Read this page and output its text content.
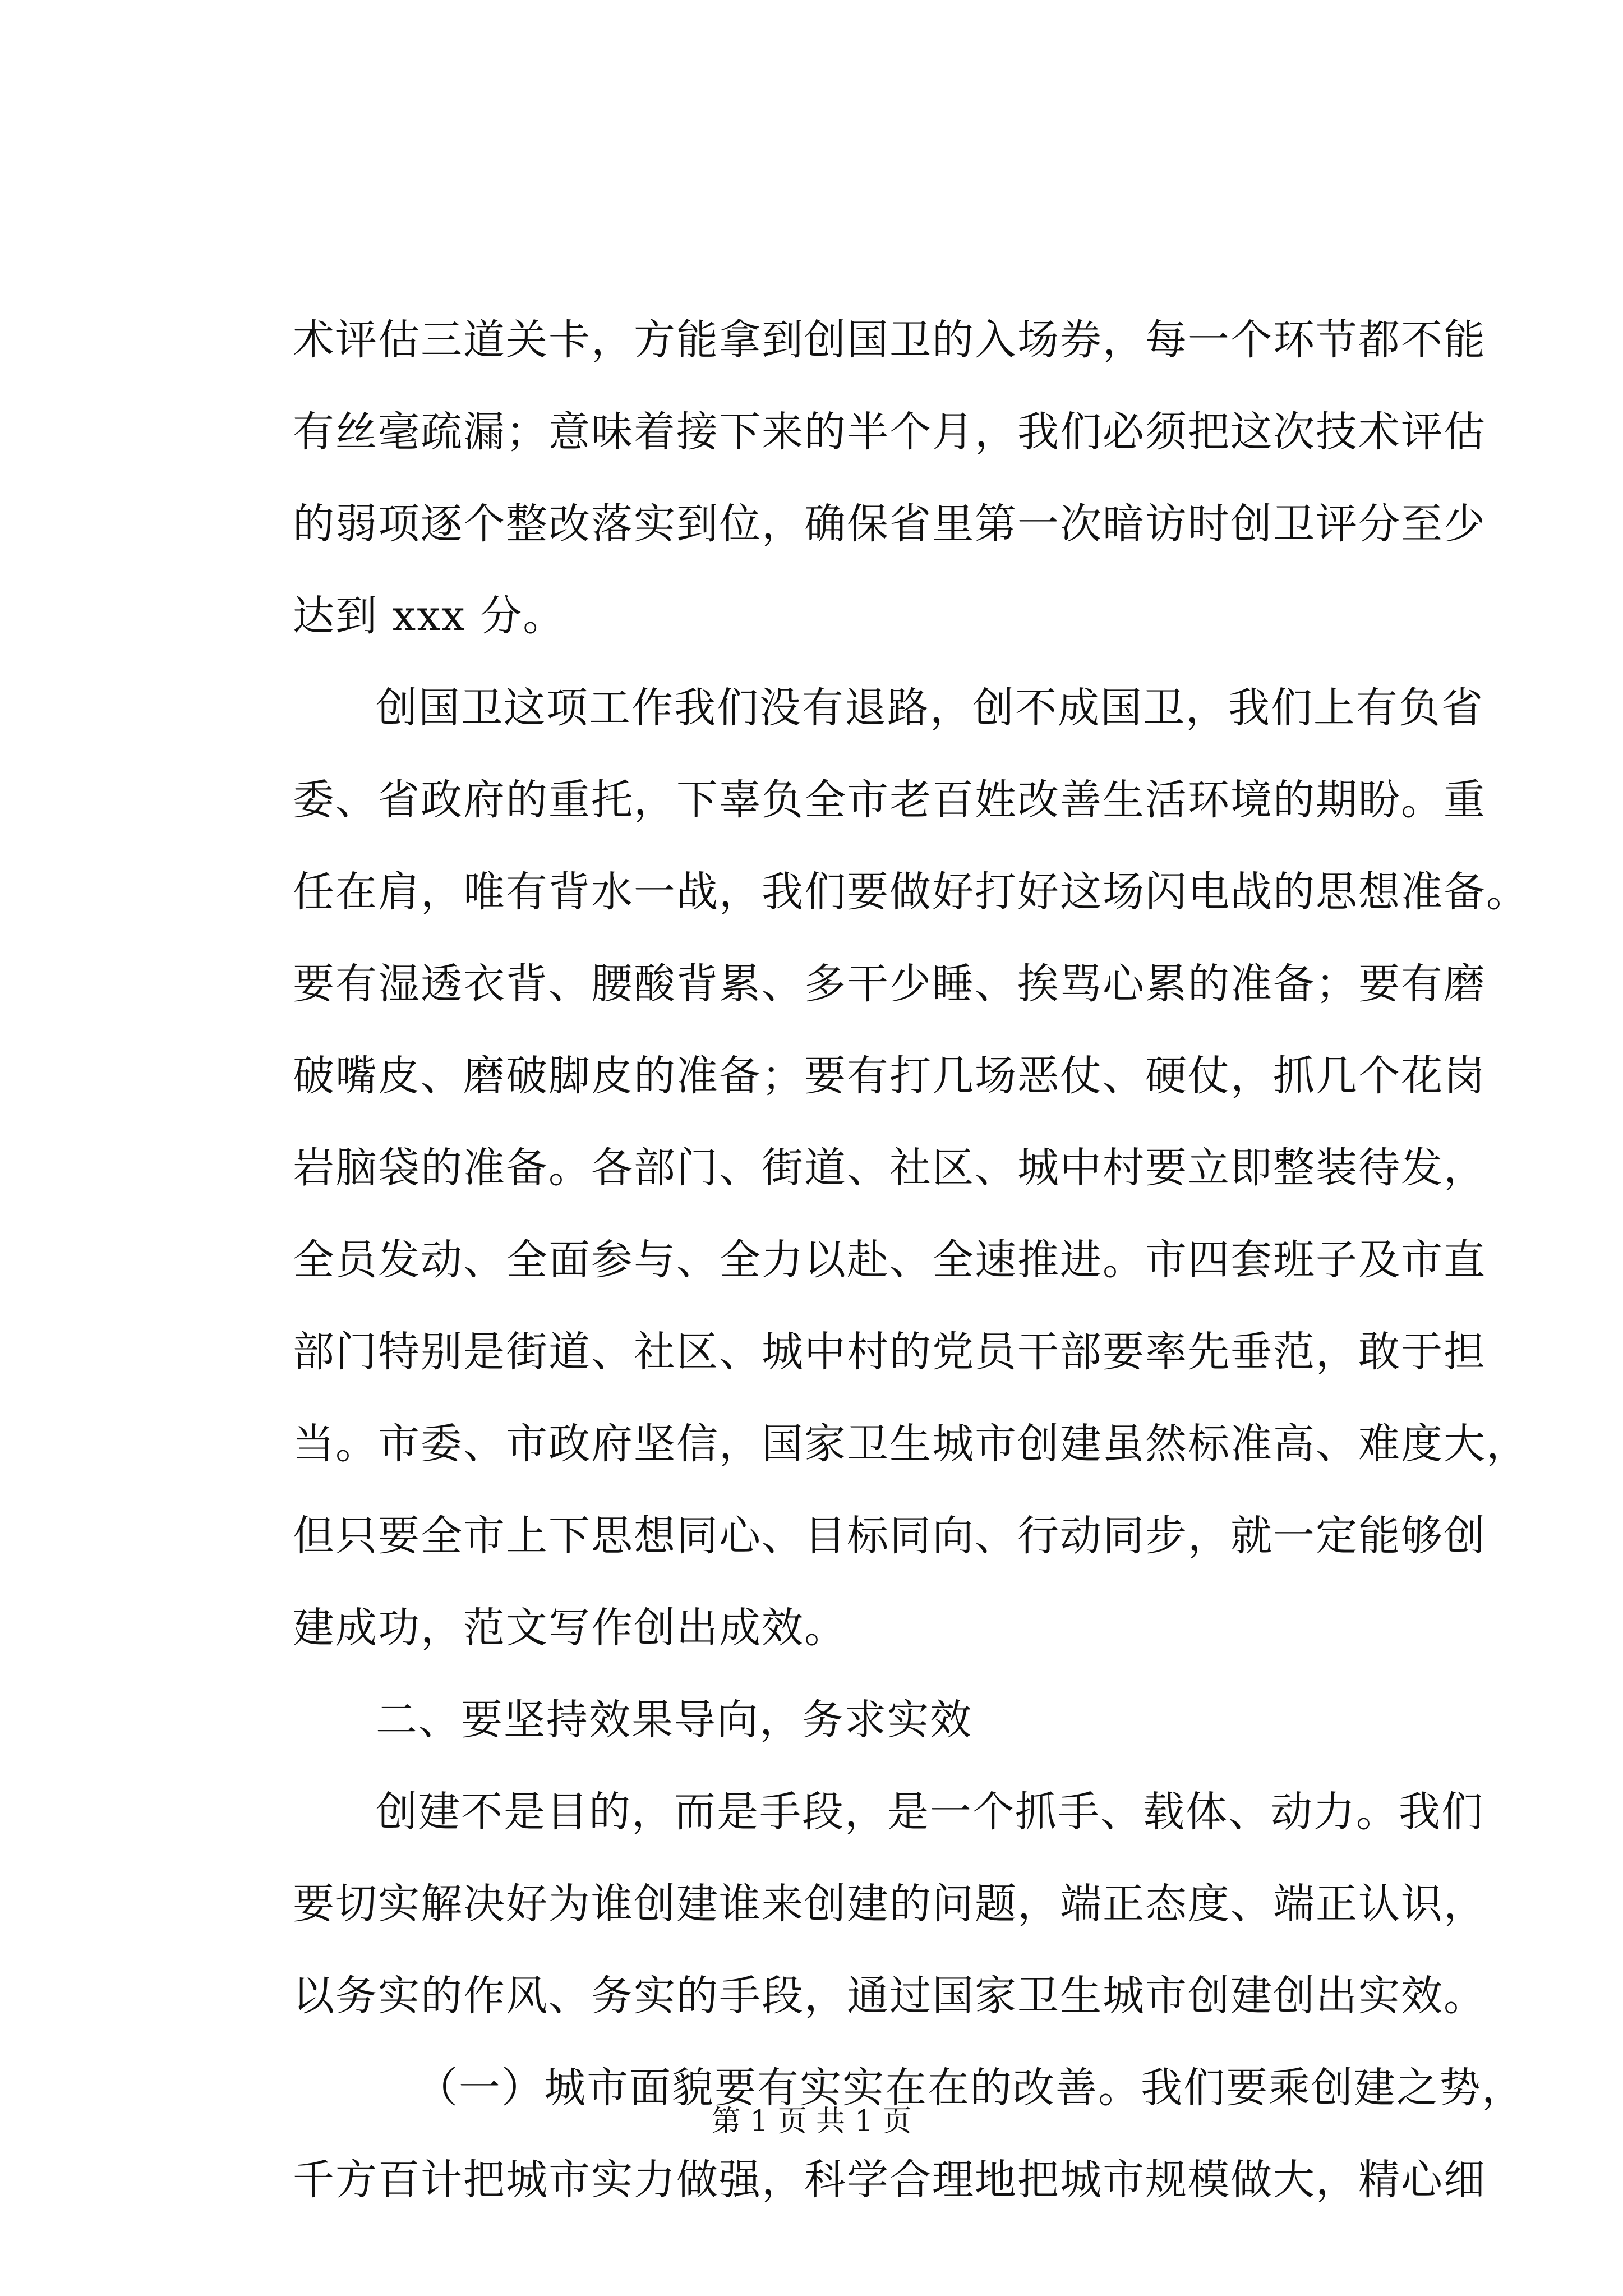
术评估三道关卡，方能拿到创国卫的入场券，每一个环节都不能
有丝毫疏漏；意味着接下来的半个月，我们必须把这次技术评估
的弱项逐个整改落实到位，确保省里第一次暗访时创卫评分至少
达到 xxx 分。
创国卫这项工作我们没有退路，创不成国卫，我们上有负省
委、省政府的重托，下辜负全市老百姓改善生活环境的期盼。重
任在肩，唯有背水一战，我们要做好打好这场闪电战的思想准备。
要有湿透衣背、腰酸背累、多干少睡、挨骂心累的准备；要有磨
破嘴皮、磨破脚皮的准备；要有打几场恶仗、硬仗，抓几个花岗
岩脑袋的准备。各部门、街道、社区、城中村要立即整装待发，
全员发动、全面参与、全力以赴、全速推进。市四套班子及市直
部门特别是街道、社区、城中村的党员干部要率先垂范，敢于担
当。市委、市政府坚信，国家卫生城市创建虽然标准高、难度大，
但只要全市上下思想同心、目标同向、行动同步，就一定能够创
建成功，范文写作创出成效。
二、要坚持效果导向，务求实效
创建不是目的，而是手段，是一个抓手、载体、动力。我们
要切实解决好为谁创建谁来创建的问题，端正态度、端正认识，
以务实的作风、务实的手段，通过国家卫生城市创建创出实效。
（一）城市面貌要有实实在在的改善。我们要乘创建之势，
千方百计把城市实力做强，科学合理地把城市规模做大，精心细
第 1 页 共 1 页
